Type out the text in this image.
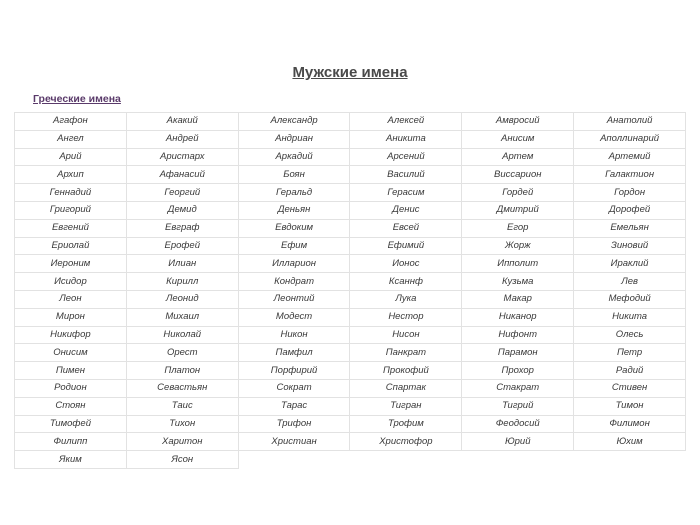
Мужские имена
Греческие имена
Агафон	Акакий	Александр	Алексей	Амвросий	Анатолий
Ангел	Андрей	Андриан	Аникита	Анисим	Аполлинарий
Арий	Аристарх	Аркадий	Арсений	Артем	Артемий
Архип	Афанасий	Боян	Василий	Виссарион	Галактион
Геннадий	Георгий	Геральд	Герасим	Гордей	Гордон
Григорий	Демид	Деньян	Денис	Дмитрий	Дорофей
Евгений	Евграф	Евдоким	Евсей	Егор	Емельян
Ериолай	Ерофей	Ефим	Ефимий	Жорж	Зиновий
Иероним	Илиан	Илларион	Ионос	Ипполит	Ираклий
Исидор	Кирилл	Кондрат	Ксаннф	Кузьма	Лев
Леон	Леонид	Леонтий	Лука	Макар	Мефодий
Мирон	Михаил	Модест	Нестор	Никанор	Никита
Никифор	Николай	Никон	Нисон	Нифонт	Олесь
Онисим	Орест	Памфил	Панкрат	Парамон	Петр
Пимен	Платон	Порфирий	Прокофий	Прохор	Радий
Родион	Севастьян	Сократ	Спартак	Стакрат	Стивен
Стоян	Таис	Тарас	Тигран	Тигрий	Тимон
Тимофей	Тихон	Трифон	Трофим	Феодосий	Филимон
Филипп	Харитон	Христиан	Христофор	Юрий	Юхим
Яким	Ясон				
